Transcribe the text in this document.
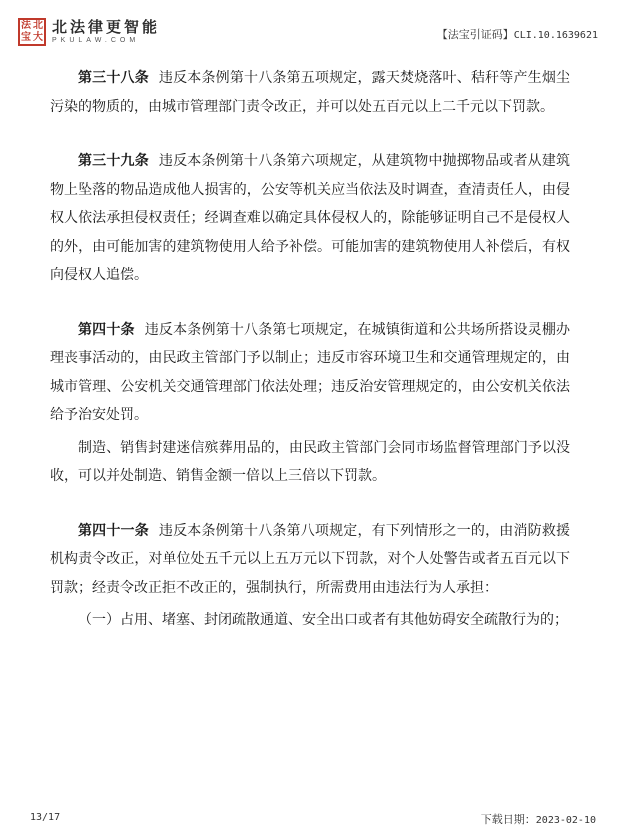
法 北
宝 大
北法律更智能
PKULAW.COM	【法宝引证码】CLI.10.1639621

第三十八条 违反本条例第十八条第五项规定，露天焚烧落叶、秸秆等产生烟尘污染的物质的，由城市管理部门责令改正，并可以处五百元以上二千元以下罚款。

第三十九条 违反本条例第十八条第六项规定，从建筑物中抛掷物品或者从建筑物上坠落的物品造成他人损害的，公安等机关应当依法及时调查，查清责任人，由侵权人依法承担侵权责任；经调查难以确定具体侵权人的，除能够证明自己不是侵权人的外，由可能加害的建筑物使用人给予补偿。可能加害的建筑物使用人补偿后，有权向侵权人追偿。

第四十条 违反本条例第十八条第七项规定，在城镇街道和公共场所搭设灵棚办理丧事活动的，由民政主管部门予以制止；违反市容环境卫生和交通管理规定的，由城市管理、公安机关交通管理部门依法处理；违反治安管理规定的，由公安机关依法给予治安处罚。

制造、销售封建迷信殡葬用品的，由民政主管部门会同市场监督管理部门予以没收，可以并处制造、销售金额一倍以上三倍以下罚款。

第四十一条 违反本条例第十八条第八项规定，有下列情形之一的，由消防救援机构责令改正，对单位处五千元以上五万元以下罚款，对个人处警告或者五百元以下罚款；经责令改正拒不改正的，强制执行，所需费用由违法行为人承担：

（一）占用、堵塞、封闭疏散通道、安全出口或者有其他妨碍安全疏散行为的；

13/17	下载日期：2023-02-10
